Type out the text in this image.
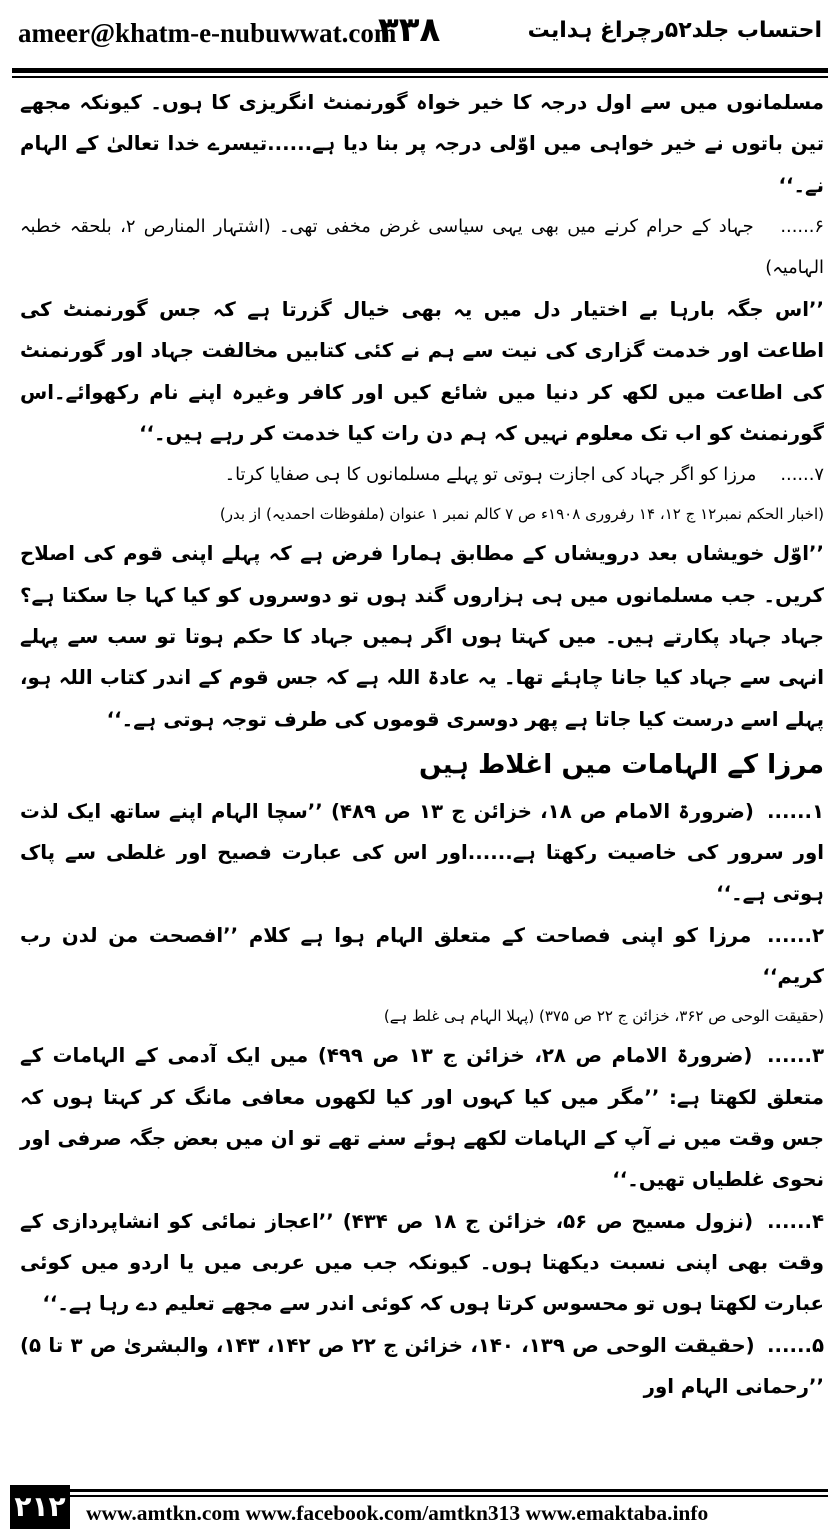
ameer@khatm-e-nubuwwat.com
۳۳۸	احتساب جلد۵۲رچراغ ہدایت

مسلمانوں میں سے اول درجہ کا خیر خواہ گورنمنٹ انگریزی کا ہوں۔ کیونکہ مجھے تین باتوں نے خیر خواہی میں اوّلی درجہ پر بنا دیا ہے......تیسرے خدا تعالیٰ کے الہام نے۔‘‘

۶...... جہاد کے حرام کرنے میں بھی یہی سیاسی غرض مخفی تھی۔ (اشتہار المنارص ۲، بلحقہ خطبہ الہامیہ)

’’اس جگہ بارہا بے اختیار دل میں یہ بھی خیال گزرتا ہے کہ جس گورنمنٹ کی اطاعت اور خدمت گزاری کی نیت سے ہم نے کئی کتابیں مخالفت جہاد اور گورنمنٹ کی اطاعت میں لکھ کر دنیا میں شائع کیں اور کافر وغیرہ اپنے نام رکھوائے۔اس گورنمنٹ کو اب تک معلوم نہیں کہ ہم دن رات کیا خدمت کر رہے ہیں۔‘‘

۷...... مرزا کو اگر جہاد کی اجازت ہوتی تو پہلے مسلمانوں کا ہی صفایا کرتا۔

(اخبار الحکم نمبر۱۲ ج ۱۲، ۱۴ رفروری ۱۹۰۸ء ص ۷ کالم نمبر ۱ عنوان (ملفوظات احمدیہ) از بدر)

’’اوّل خویشاں بعد درویشاں کے مطابق ہمارا فرض ہے کہ پہلے اپنی قوم کی اصلاح کریں۔ جب مسلمانوں میں ہی ہزاروں گند ہوں تو دوسروں کو کیا کہا جا سکتا ہے؟ جہاد جہاد پکارتے ہیں۔ میں کہتا ہوں اگر ہمیں جہاد کا حکم ہوتا تو سب سے پہلے انہی سے جہاد کیا جانا چاہئے تھا۔ یہ عادۃ اللہ ہے کہ جس قوم کے اندر کتاب اللہ ہو، پہلے اسے درست کیا جاتا ہے پھر دوسری قوموں کی طرف توجہ ہوتی ہے۔‘‘

مرزا کے الہامات میں اغلاط ہیں

۱...... (ضرورۃ الامام ص ۱۸، خزائن ج ۱۳ ص ۴۸۹) ’’سچا الہام اپنے ساتھ ایک لذت اور سرور کی خاصیت رکھتا ہے......اور اس کی عبارت فصیح اور غلطی سے پاک ہوتی ہے۔‘‘

۲...... مرزا کو اپنی فصاحت کے متعلق الہام ہوا ہے کلام ’’افصحت من لدن رب کریم‘‘

(حقیقت الوحی ص ۳۶۲، خزائن ج ۲۲ ص ۳۷۵) (پہلا الہام ہی غلط ہے)

۳...... (ضرورۃ الامام ص ۲۸، خزائن ج ۱۳ ص ۴۹۹) میں ایک آدمی کے الہامات کے متعلق لکھتا ہے: ’’مگر میں کیا کہوں اور کیا لکھوں معافی مانگ کر کہتا ہوں کہ جس وقت میں نے آپ کے الہامات لکھے ہوئے سنے تھے تو ان میں بعض جگہ صرفی اور نحوی غلطیاں تھیں۔‘‘

۴...... (نزول مسیح ص ۵۶، خزائن ج ۱۸ ص ۴۳۴) ’’اعجاز نمائی کو انشاپردازی کے وقت بھی اپنی نسبت دیکھتا ہوں۔ کیونکہ جب میں عربی میں یا اردو میں کوئی عبارت لکھتا ہوں تو محسوس کرتا ہوں کہ کوئی اندر سے مجھے تعلیم دے رہا ہے۔‘‘

۵...... (حقیقت الوحی ص ۱۳۹، ۱۴۰، خزائن ج ۲۲ ص ۱۴۲، ۱۴۳، والبشریٰ ص ۳ تا ۵) ’’رحمانی الہام اور

۲۱۲ www.amtkn.com www.facebook.com/amtkn313 www.emaktaba.info
